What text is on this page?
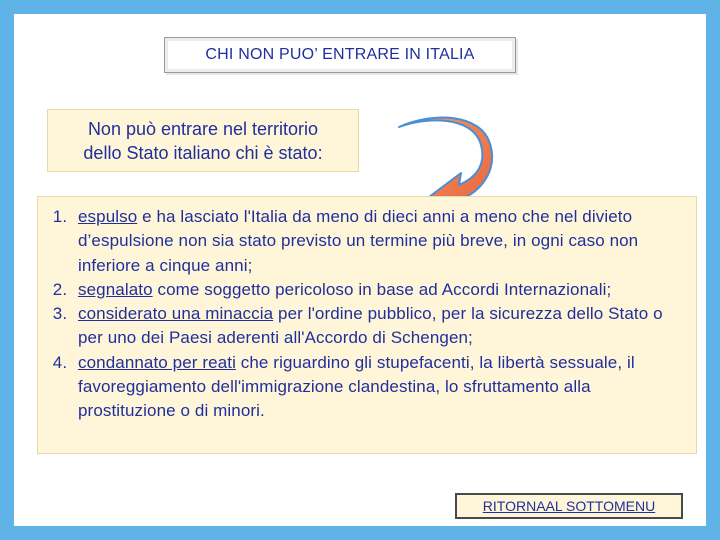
CHI NON PUO’ ENTRARE IN ITALIA
Non può entrare nel territorio
dello Stato italiano chi è stato:
1. espulso e ha lasciato l'Italia da meno di dieci anni a meno che nel divieto d’espulsione non sia stato previsto un termine più breve, in ogni caso non inferiore a cinque anni;
2. segnalato come soggetto pericoloso in base ad Accordi Internazionali;
3. considerato una minaccia per l'ordine pubblico, per la sicurezza dello Stato o per uno dei Paesi aderenti all'Accordo di Schengen;
4. condannato per reati che riguardino gli stupefacenti, la libertà sessuale, il favoreggiamento dell'immigrazione clandestina, lo sfruttamento alla prostituzione o di minori.
RITORNAAL SOTTOMENU
